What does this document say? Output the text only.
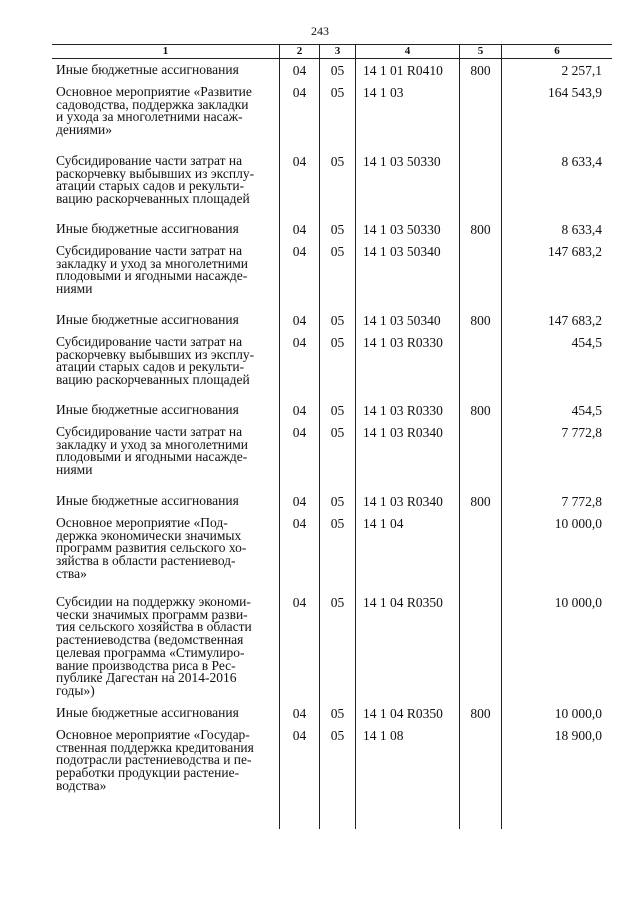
243
1	2	3	4	5	6
Иные бюджетные ассигнования	04	05	14 1 01 R0410	800	2 257,1
Основное мероприятие «Развитие
садоводства, поддержка закладки
и ухода за многолетними насаж-
дениями»
04	05	14 1 03	164 543,9
Субсидирование части затрат на
раскорчевку выбывших из эксплу-
атации старых садов и рекульти-
вацию раскорчеванных площадей
04	05	14 1 03 50330	8 633,4
Иные бюджетные ассигнования	04	05	14 1 03 50330	800	8 633,4
Субсидирование части затрат на
закладку и уход за многолетними
плодовыми и ягодными насажде-
ниями
04	05	14 1 03 50340	147 683,2
Иные бюджетные ассигнования	04	05	14 1 03 50340	800	147 683,2
Субсидирование части затрат на
раскорчевку выбывших из эксплу-
атации старых садов и рекульти-
вацию раскорчеванных площадей
04	05	14 1 03 R0330	454,5
Иные бюджетные ассигнования	04	05	14 1 03 R0330	800	454,5
Субсидирование части затрат на
закладку и уход за многолетними
плодовыми и ягодными насажде-
ниями
04	05	14 1 03 R0340	7 772,8
Иные бюджетные ассигнования	04	05	14 1 03 R0340	800	7 772,8
Основное мероприятие «Под-
держка экономически значимых
программ развития сельского хо-
зяйства в области растениевод-
ства»
04	05	14 1 04	10 000,0
Субсидии на поддержку экономи-
чески значимых программ разви-
тия сельского хозяйства в области
растениеводства (ведомственная
целевая программа «Стимулиро-
вание производства риса в Рес-
публике Дагестан на 2014-2016
годы»)
04	05	14 1 04 R0350	10 000,0
Иные бюджетные ассигнования	04	05	14 1 04 R0350	800	10 000,0
Основное мероприятие «Государ-
ственная поддержка кредитования
подотрасли растениеводства и пе-
реработки продукции растение-
водства»
04	05	14 1 08	18 900,0
